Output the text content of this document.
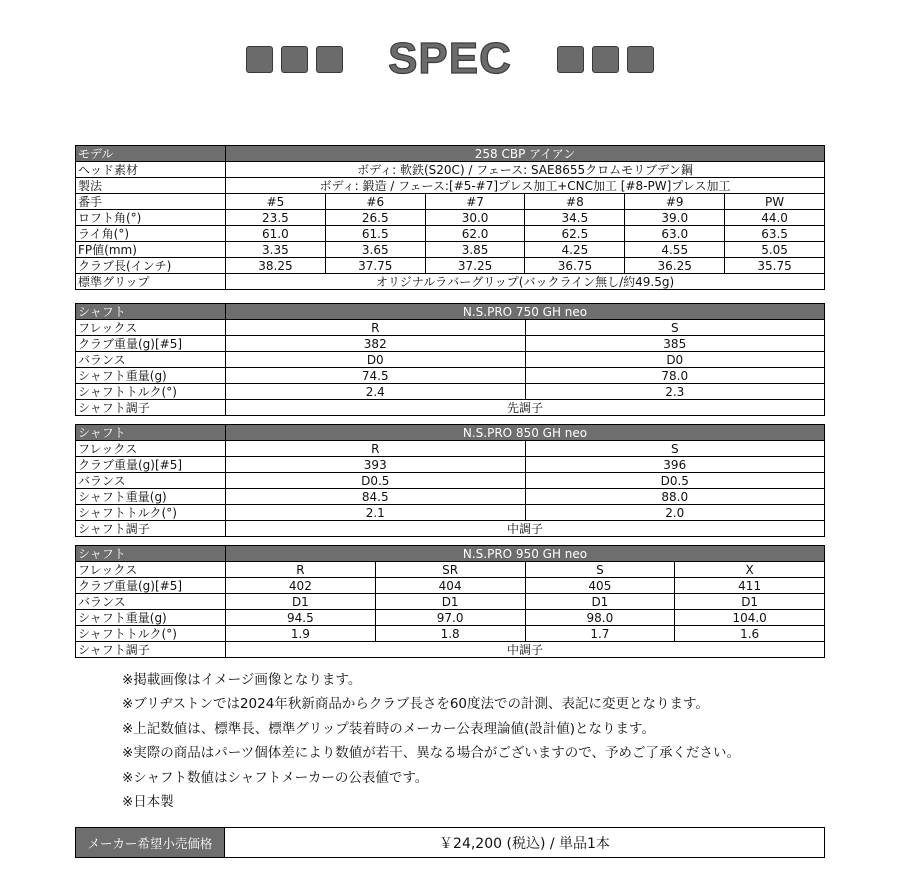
SPEC
モデル	258 CBP アイアン					
ヘッド素材	ボディ: 軟鉄(S20C) / フェース: SAE8655クロムモリブデン鋼					
製法	ボディ: 鍛造 / フェース:[#5-#7]プレス加工+CNC加工 [#8-PW]プレス加工					
番手	#5	#6	#7	#8	#9	PW
ロフト角(°)	23.5	26.5	30.0	34.5	39.0	44.0
ライ角(°)	61.0	61.5	62.0	62.5	63.0	63.5
FP値(mm)	3.35	3.65	3.85	4.25	4.55	5.05
クラブ長(インチ)	38.25	37.75	37.25	36.75	36.25	35.75
標準グリップ	オリジナルラバーグリップ(バックライン無し/約49.5g)					
シャフト	N.S.PRO 750 GH neo	
フレックス	R	S
クラブ重量(g)[#5]	382	385
バランス	D0	D0
シャフト重量(g)	74.5	78.0
シャフトトルク(°)	2.4	2.3
シャフト調子	先調子	
シャフト	N.S.PRO 850 GH neo	
フレックス	R	S
クラブ重量(g)[#5]	393	396
バランス	D0.5	D0.5
シャフト重量(g)	84.5	88.0
シャフトトルク(°)	2.1	2.0
シャフト調子	中調子	
シャフト	N.S.PRO 950 GH neo			
フレックス	R	SR	S	X
クラブ重量(g)[#5]	402	404	405	411
バランス	D1	D1	D1	D1
シャフト重量(g)	94.5	97.0	98.0	104.0
シャフトトルク(°)	1.9	1.8	1.7	1.6
シャフト調子	中調子			
※掲載画像はイメージ画像となります。
※ブリヂストンでは2024年秋新商品からクラブ長さを60度法での計測、表記に変更となります。
※上記数値は、標準長、標準グリップ装着時のメーカー公表理論値(設計値)となります。
※実際の商品はパーツ個体差により数値が若干、異なる場合がございますので、予めご了承ください。
※シャフト数値はシャフトメーカーの公表値です。
※日本製
メーカー希望小売価格	￥24,200 (税込) / 単品1本
